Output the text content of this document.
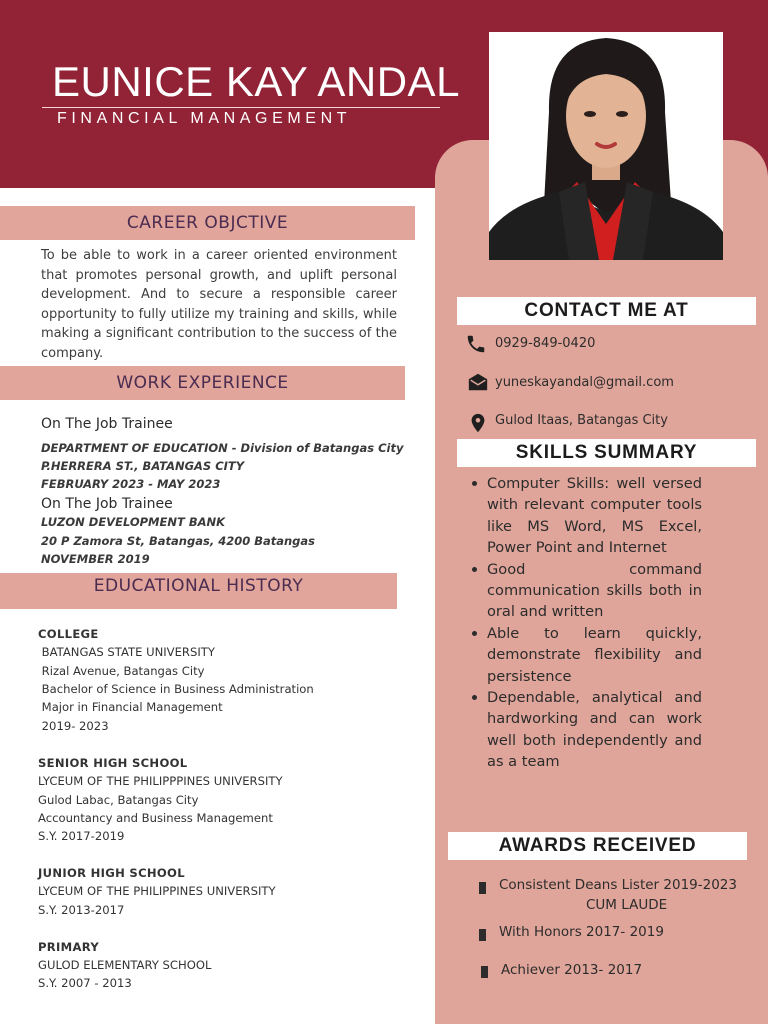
EUNICE KAY ANDAL
FINANCIAL MANAGEMENT
CAREER OBJCTIVE
To be able to work in a career oriented environment that promotes personal growth, and uplift personal development. And to secure a responsible career opportunity to fully utilize my training and skills, while making a significant contribution to the success of the company.
WORK EXPERIENCE
On The Job Trainee
DEPARTMENT OF EDUCATION - Division of Batangas City
P.HERRERA ST., BATANGAS CITY
FEBRUARY 2023 - MAY 2023
On The Job Trainee
LUZON DEVELOPMENT BANK
20 P Zamora St, Batangas, 4200 Batangas
NOVEMBER 2019
EDUCATIONAL HISTORY
COLLEGE
BATANGAS STATE UNIVERSITY
Rizal Avenue, Batangas City
Bachelor of Science in Business Administration
Major in Financial Management
2019- 2023
SENIOR HIGH SCHOOL
LYCEUM OF THE PHILIPPPINES UNIVERSITY
Gulod Labac, Batangas City
Accountancy and Business Management
S.Y. 2017-2019
JUNIOR HIGH SCHOOL
LYCEUM OF THE PHILIPPINES UNIVERSITY
S.Y. 2013-2017
PRIMARY
GULOD ELEMENTARY SCHOOL
S.Y. 2007 - 2013
CONTACT ME AT
0929-849-0420
yuneskayandal@gmail.com
Gulod Itaas, Batangas City
SKILLS SUMMARY
Computer Skills: well versed with relevant computer tools like MS Word, MS Excel, Power Point and Internet
Good command communication skills both in oral and written
Able to learn quickly, demonstrate flexibility and persistence
Dependable, analytical and hardworking and can work well both independently and as a team
AWARDS RECEIVED
Consistent Deans Lister 2019-2023
CUM LAUDE
With Honors 2017- 2019
Achiever 2013- 2017
